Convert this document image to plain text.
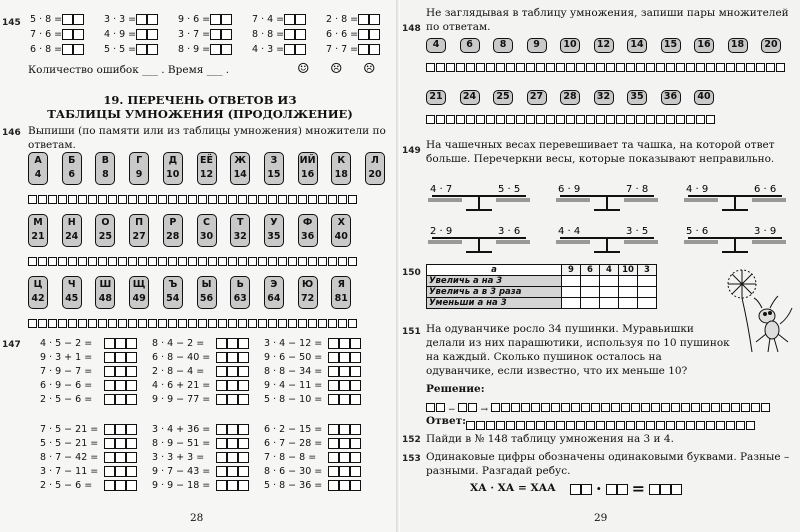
145 5 · 8 =
7 · 6 =
6 · 8 =
3 · 3 =
4 · 9 =
5 · 5 =
9 · 6 =
3 · 7 =
8 · 9 =
7 · 4 =
8 · 8 =
4 · 3 =
2 · 8 =
6 · 6 =
7 · 7 =
Количество ошибок ___ . Время ___ .	☺ ☹ ☹
19. ПЕРЕЧЕНЬ ОТВЕТОВ ИЗ
ТАБЛИЦЫ УМНОЖЕНИЯ (ПРОДОЛЖЕНИЕ)
146 Выпиши (по памяти или из таблицы умножения) множители по ответам.
А
4
Б
6
В
8
Г
9
Д
10
ЕЁ
12
Ж
14
З
15
ИЙ
16
К
18
Л
20
М
21
Н
24
О
25
П
27
Р
28
С
30
Т
32
У
35
Ф
36
Х
40
Ц
42
Ч
45
Ш
48
Щ
49
Ъ
54
Ы
56
Ь
63
Э
64
Ю
72
Я
81
147 4 · 5 − 2 =
9 · 3 + 1 =
7 · 9 − 7 =
6 · 9 − 6 =
2 · 5 − 6 =
8 · 4 − 2 =
6 · 8 − 40 =
2 · 8 − 4 =
4 · 6 + 21 =
9 · 9 − 77 =
3 · 4 − 12 =
9 · 6 − 50 =
8 · 8 − 34 =
9 · 4 − 11 =
5 · 8 − 10 =
7 · 5 − 21 =
5 · 5 − 21 =
8 · 7 − 42 =
3 · 7 − 11 =
2 · 5 − 6 =
3 · 4 + 36 =
8 · 9 − 51 =
3 · 3 + 3 =
9 · 7 − 43 =
9 · 9 − 18 =
6 · 2 − 15 =
6 · 7 − 28 =
7 · 8 − 8 =
8 · 6 − 30 =
5 · 8 − 36 =
28
148
Не заглядывая в таблицу умножения, запиши пары множителей по ответам.
4	6	8	9	10	12	14	15	16	18	20
21	24	25	27	28	32	35	36	40
149 На чашечных весах перевешивает та чашка, на которой ответ больше. Перечеркни весы, которые показывают неправильно.
4 · 7	5 · 5	6 · 9	7 · 8	4 · 9	6 · 6
2 · 9	3 · 6	4 · 4	3 · 5	5 · 6	3 · 9
150	a	9	6	4	10	3
Увеличь a на 3					
Увеличь a в 3 раза					
Уменьши a на 3					
151 На одуванчике росло 34 пушинки. Муравьишки делали из них парашютики, используя по 10 пушинок на каждый. Сколько пушинок осталось на одуванчике, если известно, что их меньше 10?
Решение:
−	→
Ответ:
152 Пайди в № 148 таблицу умножения на 3 и 4.
153 Одинаковые цифры обозначены одинаковыми буквами. Разные – разными. Разгадай ребус.
ХА · ХА = ХАА	· =
29
